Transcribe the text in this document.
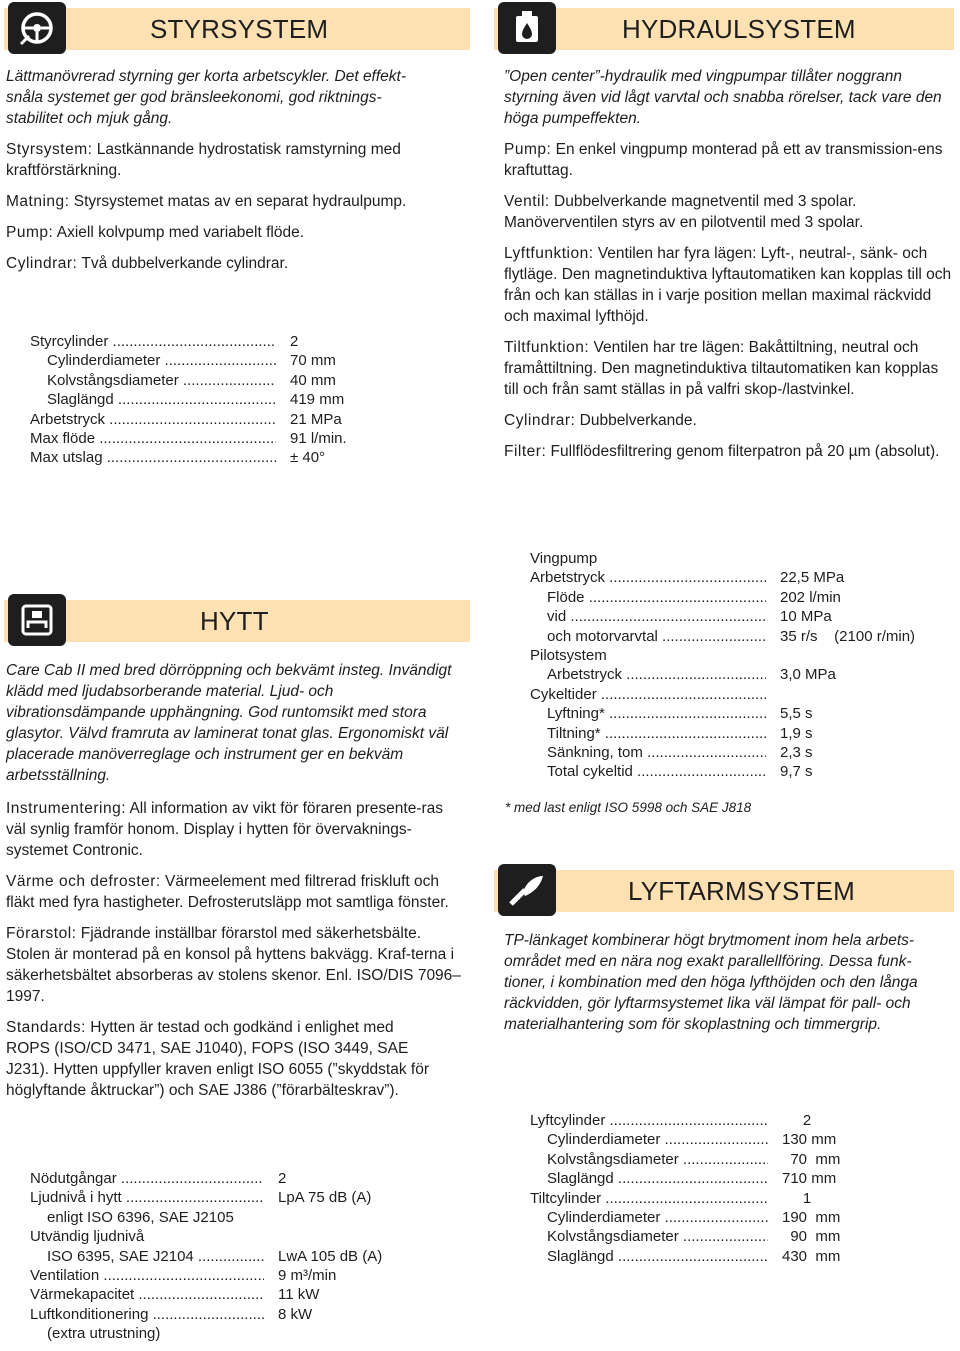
STYRSYSTEM

Lättmanövrerad styrning ger korta arbetscykler. Det effekt-snåla systemet ger god bränsleekonomi, god riktnings-stabilitet och mjuk gång.

Styrsystem: Lastkännande hydrostatisk ramstyrning med kraftförstärkning.

Matning: Styrsystemet matas av en separat hydraulpump.

Pump: Axiell kolvpump med variabelt flöde.

Cylindrar: Två dubbelverkande cylindrar.

Styrcylinder .....	2
Cylinderdiameter .....	70 mm
Kolvstångsdiameter .....	40 mm
Slaglängd .....	419 mm
Arbetstryck .....	21 MPa
Max flöde .....	91 l/min.
Max utslag .....	± 40°
HYDRAULSYSTEM

”Open center”-hydraulik med vingpumpar tillåter noggrann styrning även vid lågt varvtal och snabba rörelser, tack vare den höga pumpeffekten.

Pump: En enkel vingpump monterad på ett av transmission-ens kraftuttag.

Ventil: Dubbelverkande magnetventil med 3 spolar. Manöverventilen styrs av en pilotventil med 3 spolar.

Lyftfunktion: Ventilen har fyra lägen: Lyft-, neutral-, sänk- och flytläge. Den magnetinduktiva lyftautomatiken kan kopplas till och från och kan ställas in i varje position mellan maximal räckvidd och maximal lyfthöjd.

Tiltfunktion: Ventilen har tre lägen: Bakåttiltning, neutral och framåttiltning. Den magnetinduktiva tiltautomatiken kan kopplas till och från samt ställas in på valfri skop-/lastvinkel.

Cylindrar: Dubbelverkande.

Filter: Fullflödesfiltrering genom filterpatron på 20 µm (absolut).

Vingpump
Arbetstryck .....	22,5 MPa
Flöde .....	202 l/min
vid .....	10 MPa
och motorvarvtal .....	35 r/s    (2100 r/min)
Pilotsystem
Arbetstryck .....	3,0 MPa
Cykeltider .....
Lyftning* .....	5,5 s
Tiltning* .....	1,9 s
Sänkning, tom .....	2,3 s
Total cykeltid .....	9,7 s

* med last enligt ISO 5998 och SAE J818

HYTT

Care Cab II med bred dörröppning och bekvämt insteg. Invändigt klädd med ljudabsorberande material. Ljud- och vibrationsdämpande upphängning. God runtomsikt med stora glasytor. Välvd framruta av laminerat tonat glas. Ergonomiskt väl placerade manöverreglage och instrument ger en bekväm arbetsställning.

Instrumentering: All information av vikt för föraren presente-ras väl synlig framför honom. Display i hytten för övervaknings-systemet Contronic.

Värme och defroster: Värmeelement med filtrerad friskluft och fläkt med fyra hastigheter. Defrosterutsläpp mot samtliga fönster.

Förarstol: Fjädrande inställbar förarstol med säkerhetsbälte. Stolen är monterad på en konsol på hyttens bakvägg. Kraf-terna i säkerhetsbältet absorberas av stolens skenor. Enl. ISO/DIS 7096–1997.

Standards: Hytten är testad och godkänd i enlighet med ROPS (ISO/CD 3471, SAE J1040), FOPS (ISO 3449, SAE J231). Hytten uppfyller kraven enligt ISO 6055 (”skyddstak för höglyftande åktruckar”) och SAE J386 (”förarbälteskrav”).

Nödutgångar .....	2
Ljudnivå i hytt .....	LpA 75 dB (A)
enligt ISO 6396, SAE J2105
Utvändig ljudnivå
ISO 6395, SAE J2104 .....	LwA 105 dB (A)
Ventilation .....	9 m³/min
Värmekapacitet .....	11 kW
Luftkonditionering .....	8 kW
(extra utrustning)
LYFTARMSYSTEM

TP-länkaget kombinerar högt brytmoment inom hela arbets-området med en nära nog exakt parallellföring. Dessa funk-tioner, i kombination med den höga lyfthöjden och den långa räckvidden, gör lyftarmsystemet lika väl lämpat för pall- och materialhantering som för skoplastning och timmergrip.

Lyftcylinder .....	2
Cylinderdiameter .....	130 mm
Kolvstångsdiameter .....	70  mm
Slaglängd .....	710 mm
Tiltcylinder .....	1
Cylinderdiameter .....	190  mm
Kolvstångsdiameter .....	90  mm
Slaglängd .....	430  mm
